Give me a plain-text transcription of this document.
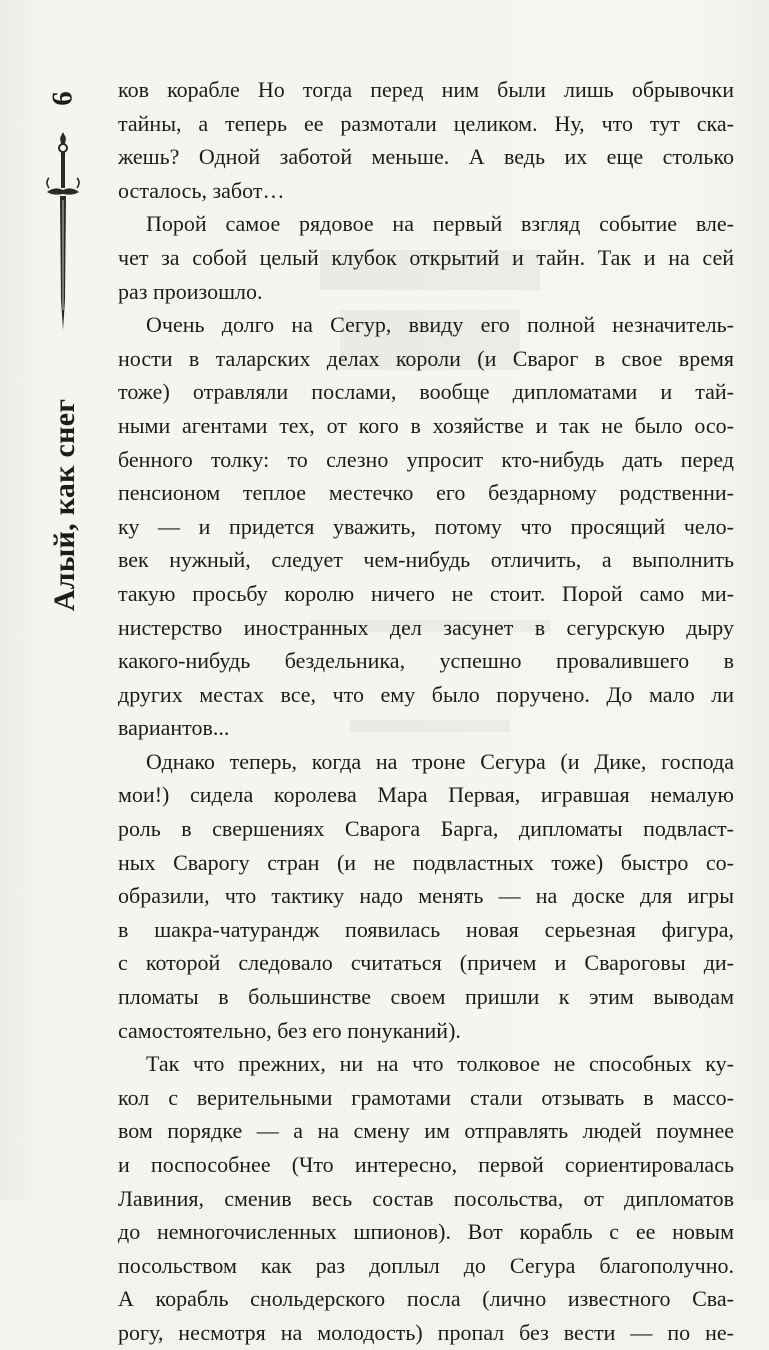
6
Алый, как снег

ков корабле Но тогда перед ним были лишь обрывочки
тайны, а теперь ее размотали целиком. Ну, что тут ска-
жешь? Одной заботой меньше. А ведь их еще столько
осталось, забот…

Порой самое рядовое на первый взгляд событие вле-
чет за собой целый клубок открытий и тайн. Так и на сей
раз произошло.

Очень долго на Сегур, ввиду его полной незначитель-
ности в таларских делах короли (и Сварог в свое время
тоже) отравляли послами, вообще дипломатами и тай-
ными агентами тех, от кого в хозяйстве и так не было осо-
бенного толку: то слезно упросит кто-нибудь дать перед
пенсионом теплое местечко его бездарному родственни-
ку — и придется уважить, потому что просящий чело-
век нужный, следует чем-нибудь отличить, а выполнить
такую просьбу королю ничего не стоит. Порой само ми-
нистерство иностранных дел засунет в сегурскую дыру
какого-нибудь бездельника, успешно провалившего в
других местах все, что ему было поручено. До мало ли
вариантов...

Однако теперь, когда на троне Сегура (и Дике, господа
мои!) сидела королева Мара Первая, игравшая немалую
роль в свершениях Сварога Барга, дипломаты подвласт-
ных Сварогу стран (и не подвластных тоже) быстро со-
образили, что тактику надо менять — на доске для игры
в шакра-чатурандж появилась новая серьезная фигура,
с которой следовало считаться (причем и Свароговы ди-
пломаты в большинстве своем пришли к этим выводам
самостоятельно, без его понуканий).

Так что прежних, ни на что толковое не способных ку-
кол с верительными грамотами стали отзывать в массо-
вом порядке — а на смену им отправлять людей поумнее
и поспособнее (Что интересно, первой сориентировалась
Лавиния, сменив весь состав посольства, от дипломатов
до немногочисленных шпионов). Вот корабль с ее новым
посольством как раз доплыл до Сегура благополучно.
А корабль снольдерского посла (лично известного Сва-
рогу, несмотря на молодость) пропал без вести — по не-
